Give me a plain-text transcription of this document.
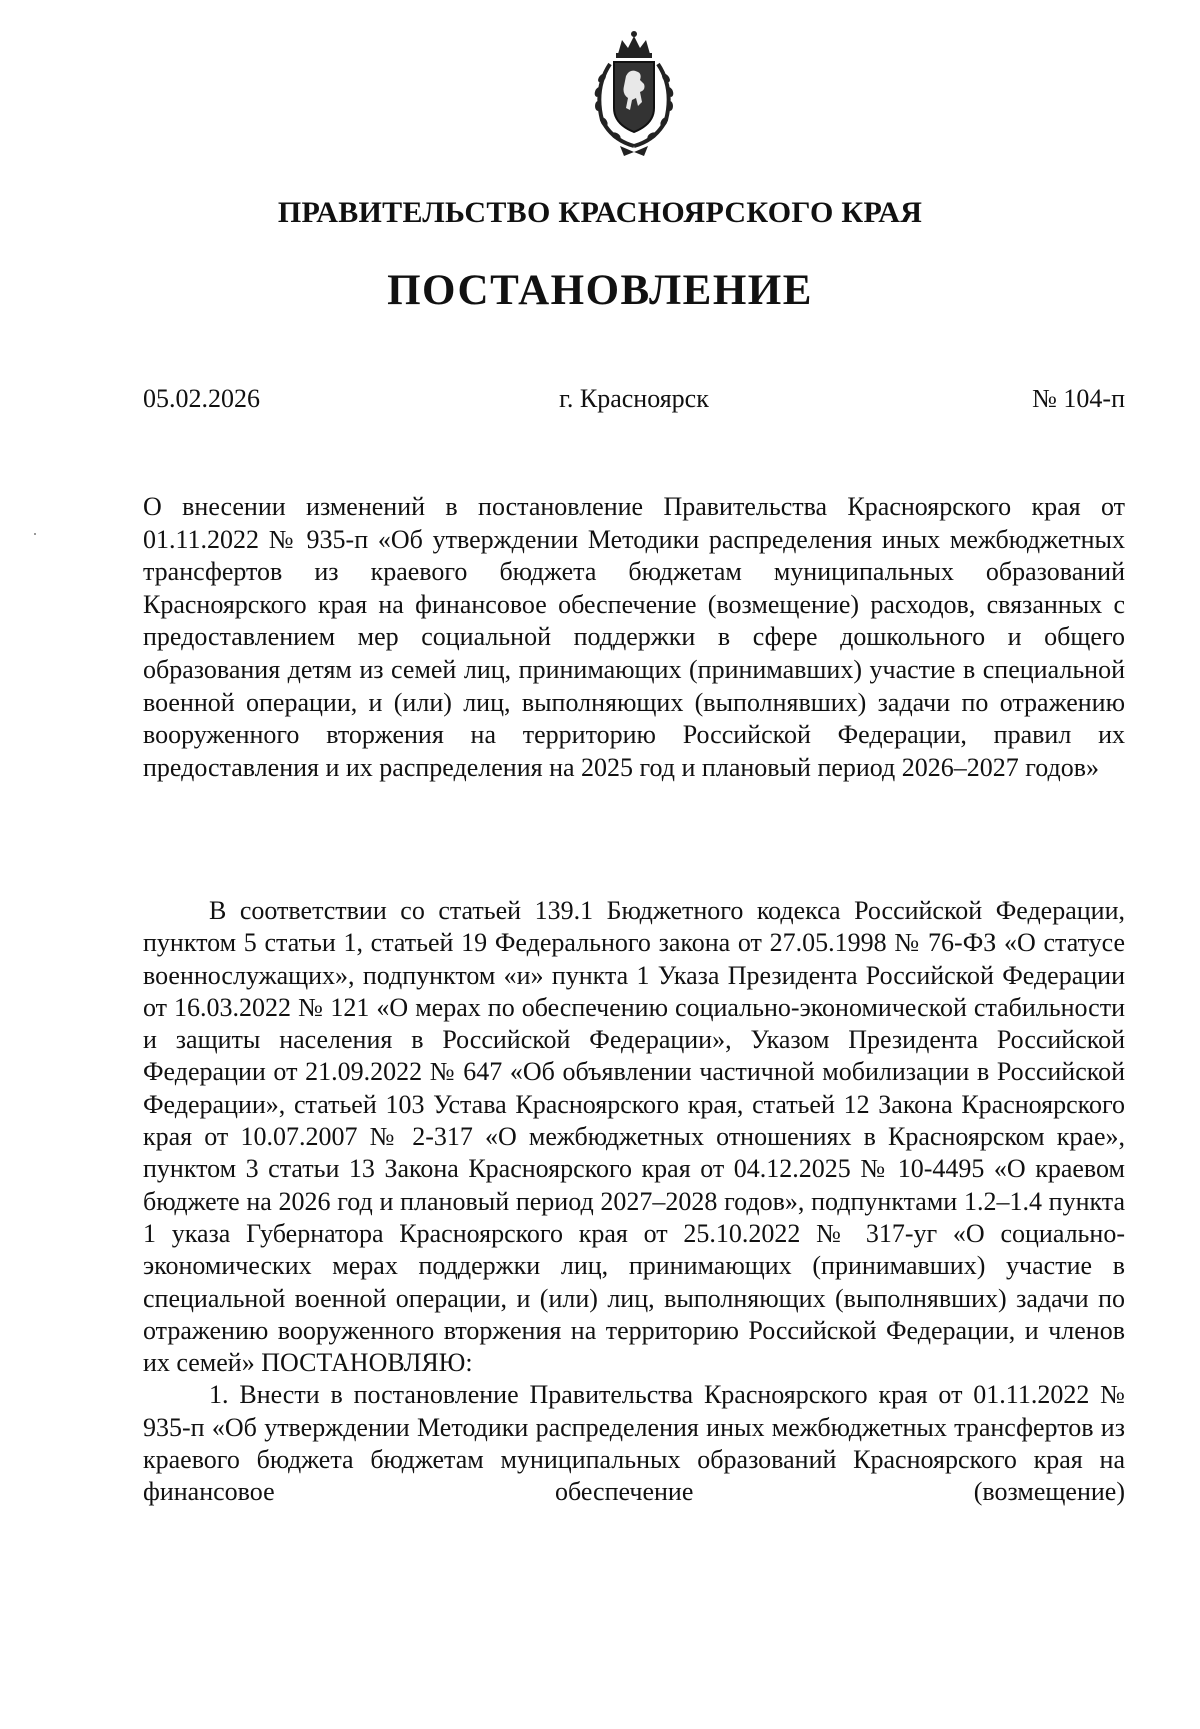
ПРАВИТЕЛЬСТВО КРАСНОЯРСКОГО КРАЯ
ПОСТАНОВЛЕНИЕ
05.02.2026	г. Красноярск	№ 104-п

О внесении изменений в постановление Правительства Красноярского края от 01.11.2022 № 935-п «Об утверждении Методики распределения иных межбюджетных трансфертов из краевого бюджета бюджетам муниципальных образований Красноярского края на финансовое обеспечение (возмещение) расходов, связанных с предоставлением мер социальной поддержки в сфере дошкольного и общего образования детям из семей лиц, принимающих (принимавших) участие в специальной военной операции, и (или) лиц, выполняющих (выполнявших) задачи по отражению вооруженного вторжения на территорию Российской Федерации, правил их предоставления и их распределения на 2025 год и плановый период 2026–2027 годов»

В соответствии со статьей 139.1 Бюджетного кодекса Российской Федерации, пунктом 5 статьи 1, статьей 19 Федерального закона от 27.05.1998 № 76-ФЗ «О статусе военнослужащих», подпунктом «и» пункта 1 Указа Президента Российской Федерации от 16.03.2022 № 121 «О мерах по обеспечению социально-экономической стабильности и защиты населения в Российской Федерации», Указом Президента Российской Федерации от 21.09.2022 № 647 «Об объявлении частичной мобилизации в Российской Федерации», статьей 103 Устава Красноярского края, статьей 12 Закона Красноярского края от 10.07.2007 № 2-317 «О межбюджетных отношениях в Красноярском крае», пунктом 3 статьи 13 Закона Красноярского края от 04.12.2025 № 10-4495 «О краевом бюджете на 2026 год и плановый период 2027–2028 годов», подпунктами 1.2–1.4 пункта 1 указа Губернатора Красноярского края от 25.10.2022 № 317-уг «О социально-экономических мерах поддержки лиц, принимающих (принимавших) участие в специальной военной операции, и (или) лиц, выполняющих (выполнявших) задачи по отражению вооруженного вторжения на территорию Российской Федерации, и членов их семей» ПОСТАНОВЛЯЮ:

1. Внести в постановление Правительства Красноярского края от 01.11.2022 № 935-п «Об утверждении Методики распределения иных межбюджетных трансфертов из краевого бюджета бюджетам муниципальных образований Красноярского края на финансовое обеспечение (возмещение)
